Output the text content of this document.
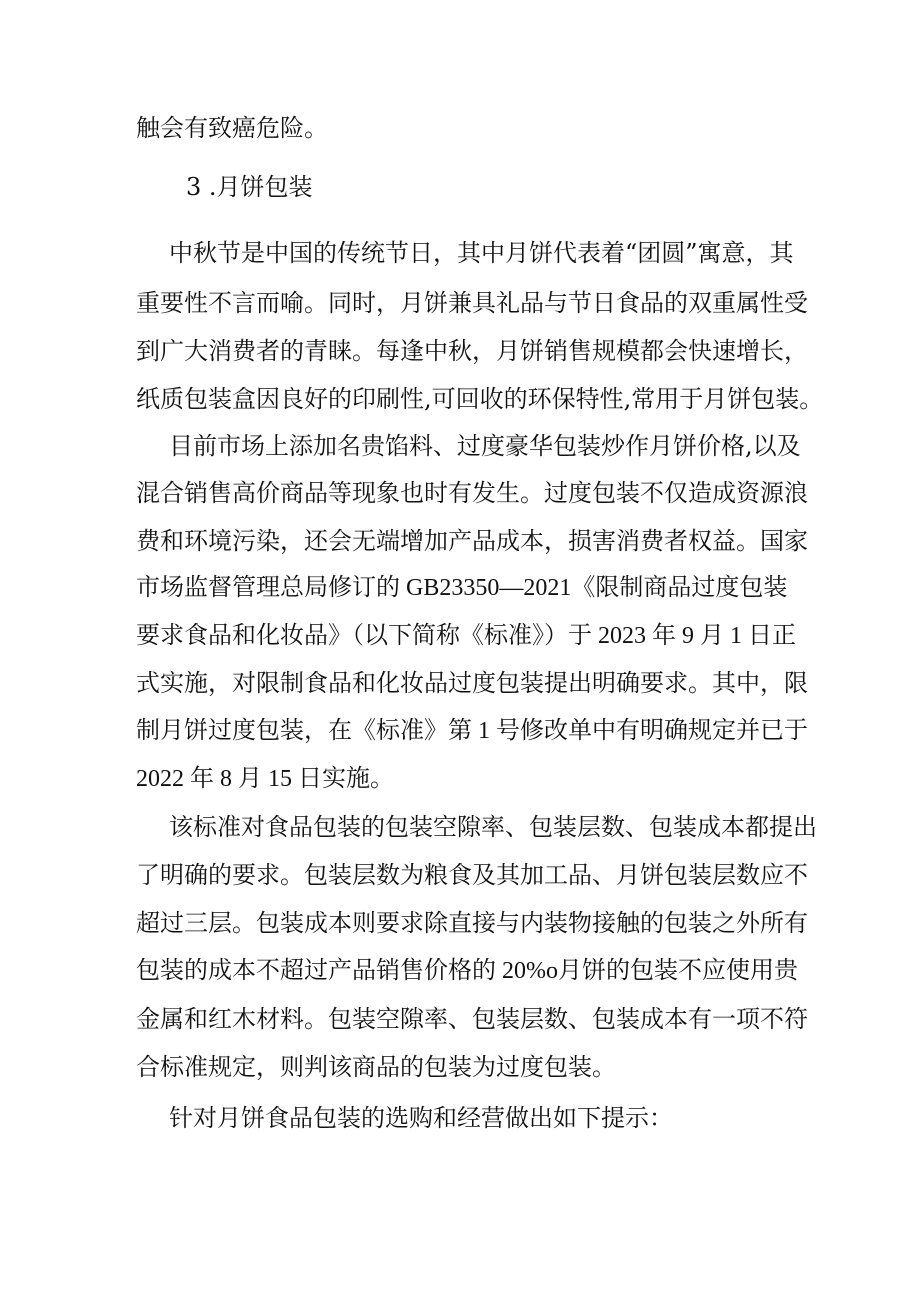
触会有致癌危险。

3 .月饼包装

中秋节是中国的传统节日，其中月饼代表着“团圆”寓意，其

重要性不言而喻。同时，月饼兼具礼品与节日食品的双重属性受

到广大消费者的青睐。每逢中秋，月饼销售规模都会快速增长，

纸质包装盒因良好的印刷性,可回收的环保特性,常用于月饼包装。

目前市场上添加名贵馅料、过度豪华包装炒作月饼价格,以及

混合销售高价商品等现象也时有发生。过度包装不仅造成资源浪

费和环境污染，还会无端增加产品成本，损害消费者权益。国家

市场监督管理总局修订的 GB23350—2021《限制商品过度包装

要求食品和化妆品》（以下简称《标准》）于 2023 年 9 月 1 日正

式实施，对限制食品和化妆品过度包装提出明确要求。其中，限

制月饼过度包装，在《标准》第 1 号修改单中有明确规定并已于

2022 年 8 月 15 日实施。

该标准对食品包装的包装空隙率、包装层数、包装成本都提出

了明确的要求。包装层数为粮食及其加工品、月饼包装层数应不

超过三层。包装成本则要求除直接与内装物接触的包装之外所有

包装的成本不超过产品销售价格的 20%o月饼的包装不应使用贵

金属和红木材料。包装空隙率、包装层数、包装成本有一项不符

合标准规定，则判该商品的包装为过度包装。

针对月饼食品包装的选购和经营做出如下提示：
